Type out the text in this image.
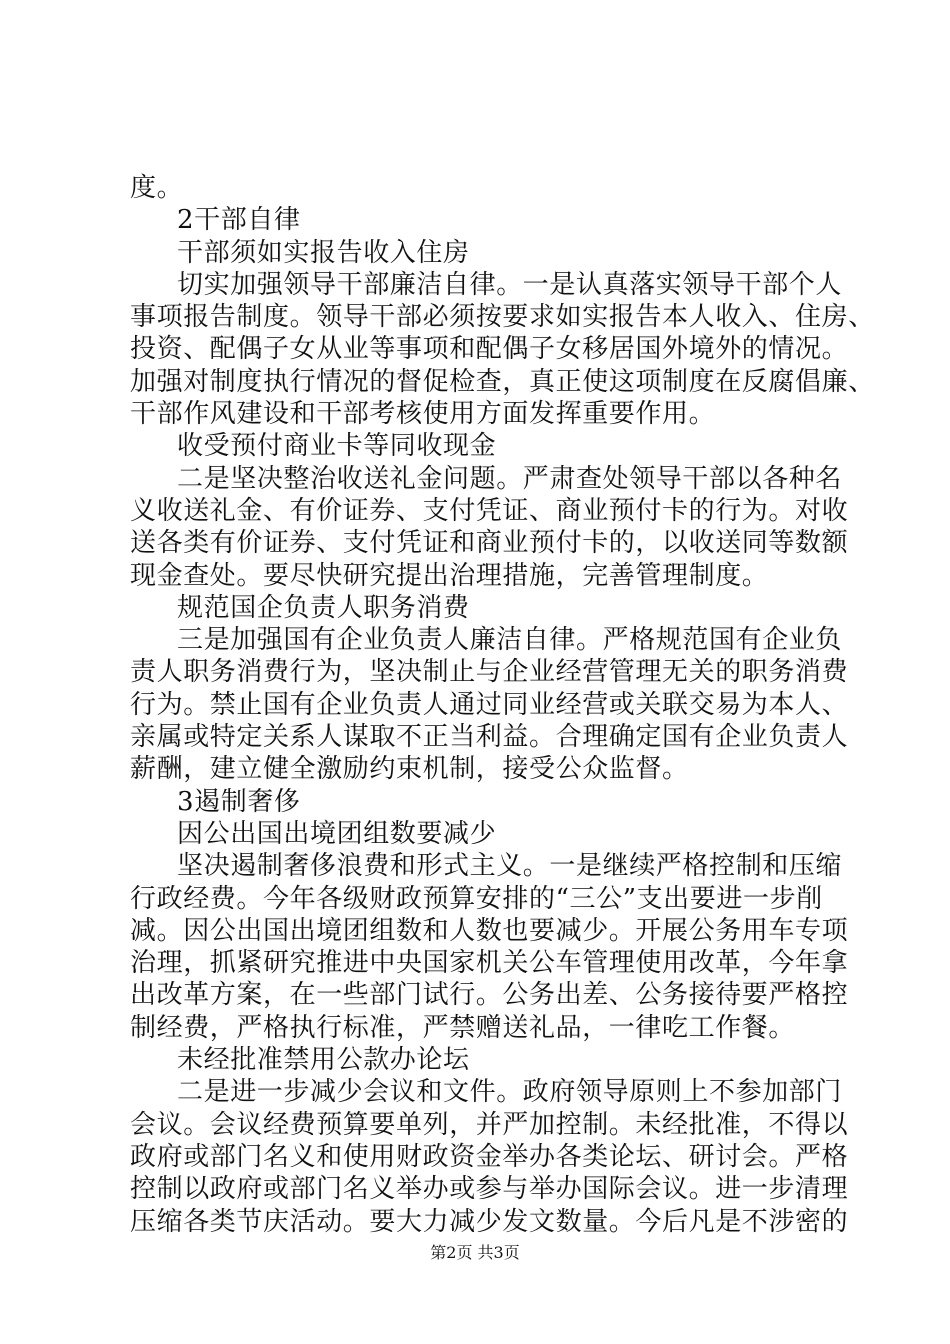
度。
2干部自律
干部须如实报告收入住房
切实加强领导干部廉洁自律。一是认真落实领导干部个人
事项报告制度。领导干部必须按要求如实报告本人收入、住房、
投资、配偶子女从业等事项和配偶子女移居国外境外的情况。
加强对制度执行情况的督促检查，真正使这项制度在反腐倡廉、
干部作风建设和干部考核使用方面发挥重要作用。
收受预付商业卡等同收现金
二是坚决整治收送礼金问题。严肃查处领导干部以各种名
义收送礼金、有价证券、支付凭证、商业预付卡的行为。对收
送各类有价证券、支付凭证和商业预付卡的，以收送同等数额
现金查处。要尽快研究提出治理措施，完善管理制度。
规范国企负责人职务消费
三是加强国有企业负责人廉洁自律。严格规范国有企业负
责人职务消费行为，坚决制止与企业经营管理无关的职务消费
行为。禁止国有企业负责人通过同业经营或关联交易为本人、
亲属或特定关系人谋取不正当利益。合理确定国有企业负责人
薪酬，建立健全激励约束机制，接受公众监督。
3遏制奢侈
因公出国出境团组数要减少
坚决遏制奢侈浪费和形式主义。一是继续严格控制和压缩
行政经费。今年各级财政预算安排的“三公”支出要进一步削
减。因公出国出境团组数和人数也要减少。开展公务用车专项
治理，抓紧研究推进中央国家机关公车管理使用改革，今年拿
出改革方案，在一些部门试行。公务出差、公务接待要严格控
制经费，严格执行标准，严禁赠送礼品，一律吃工作餐。
未经批准禁用公款办论坛
二是进一步减少会议和文件。政府领导原则上不参加部门
会议。会议经费预算要单列，并严加控制。未经批准，不得以
政府或部门名义和使用财政资金举办各类论坛、研讨会。严格
控制以政府或部门名义举办或参与举办国际会议。进一步清理
压缩各类节庆活动。要大力减少发文数量。今后凡是不涉密的
第2页 共3页
